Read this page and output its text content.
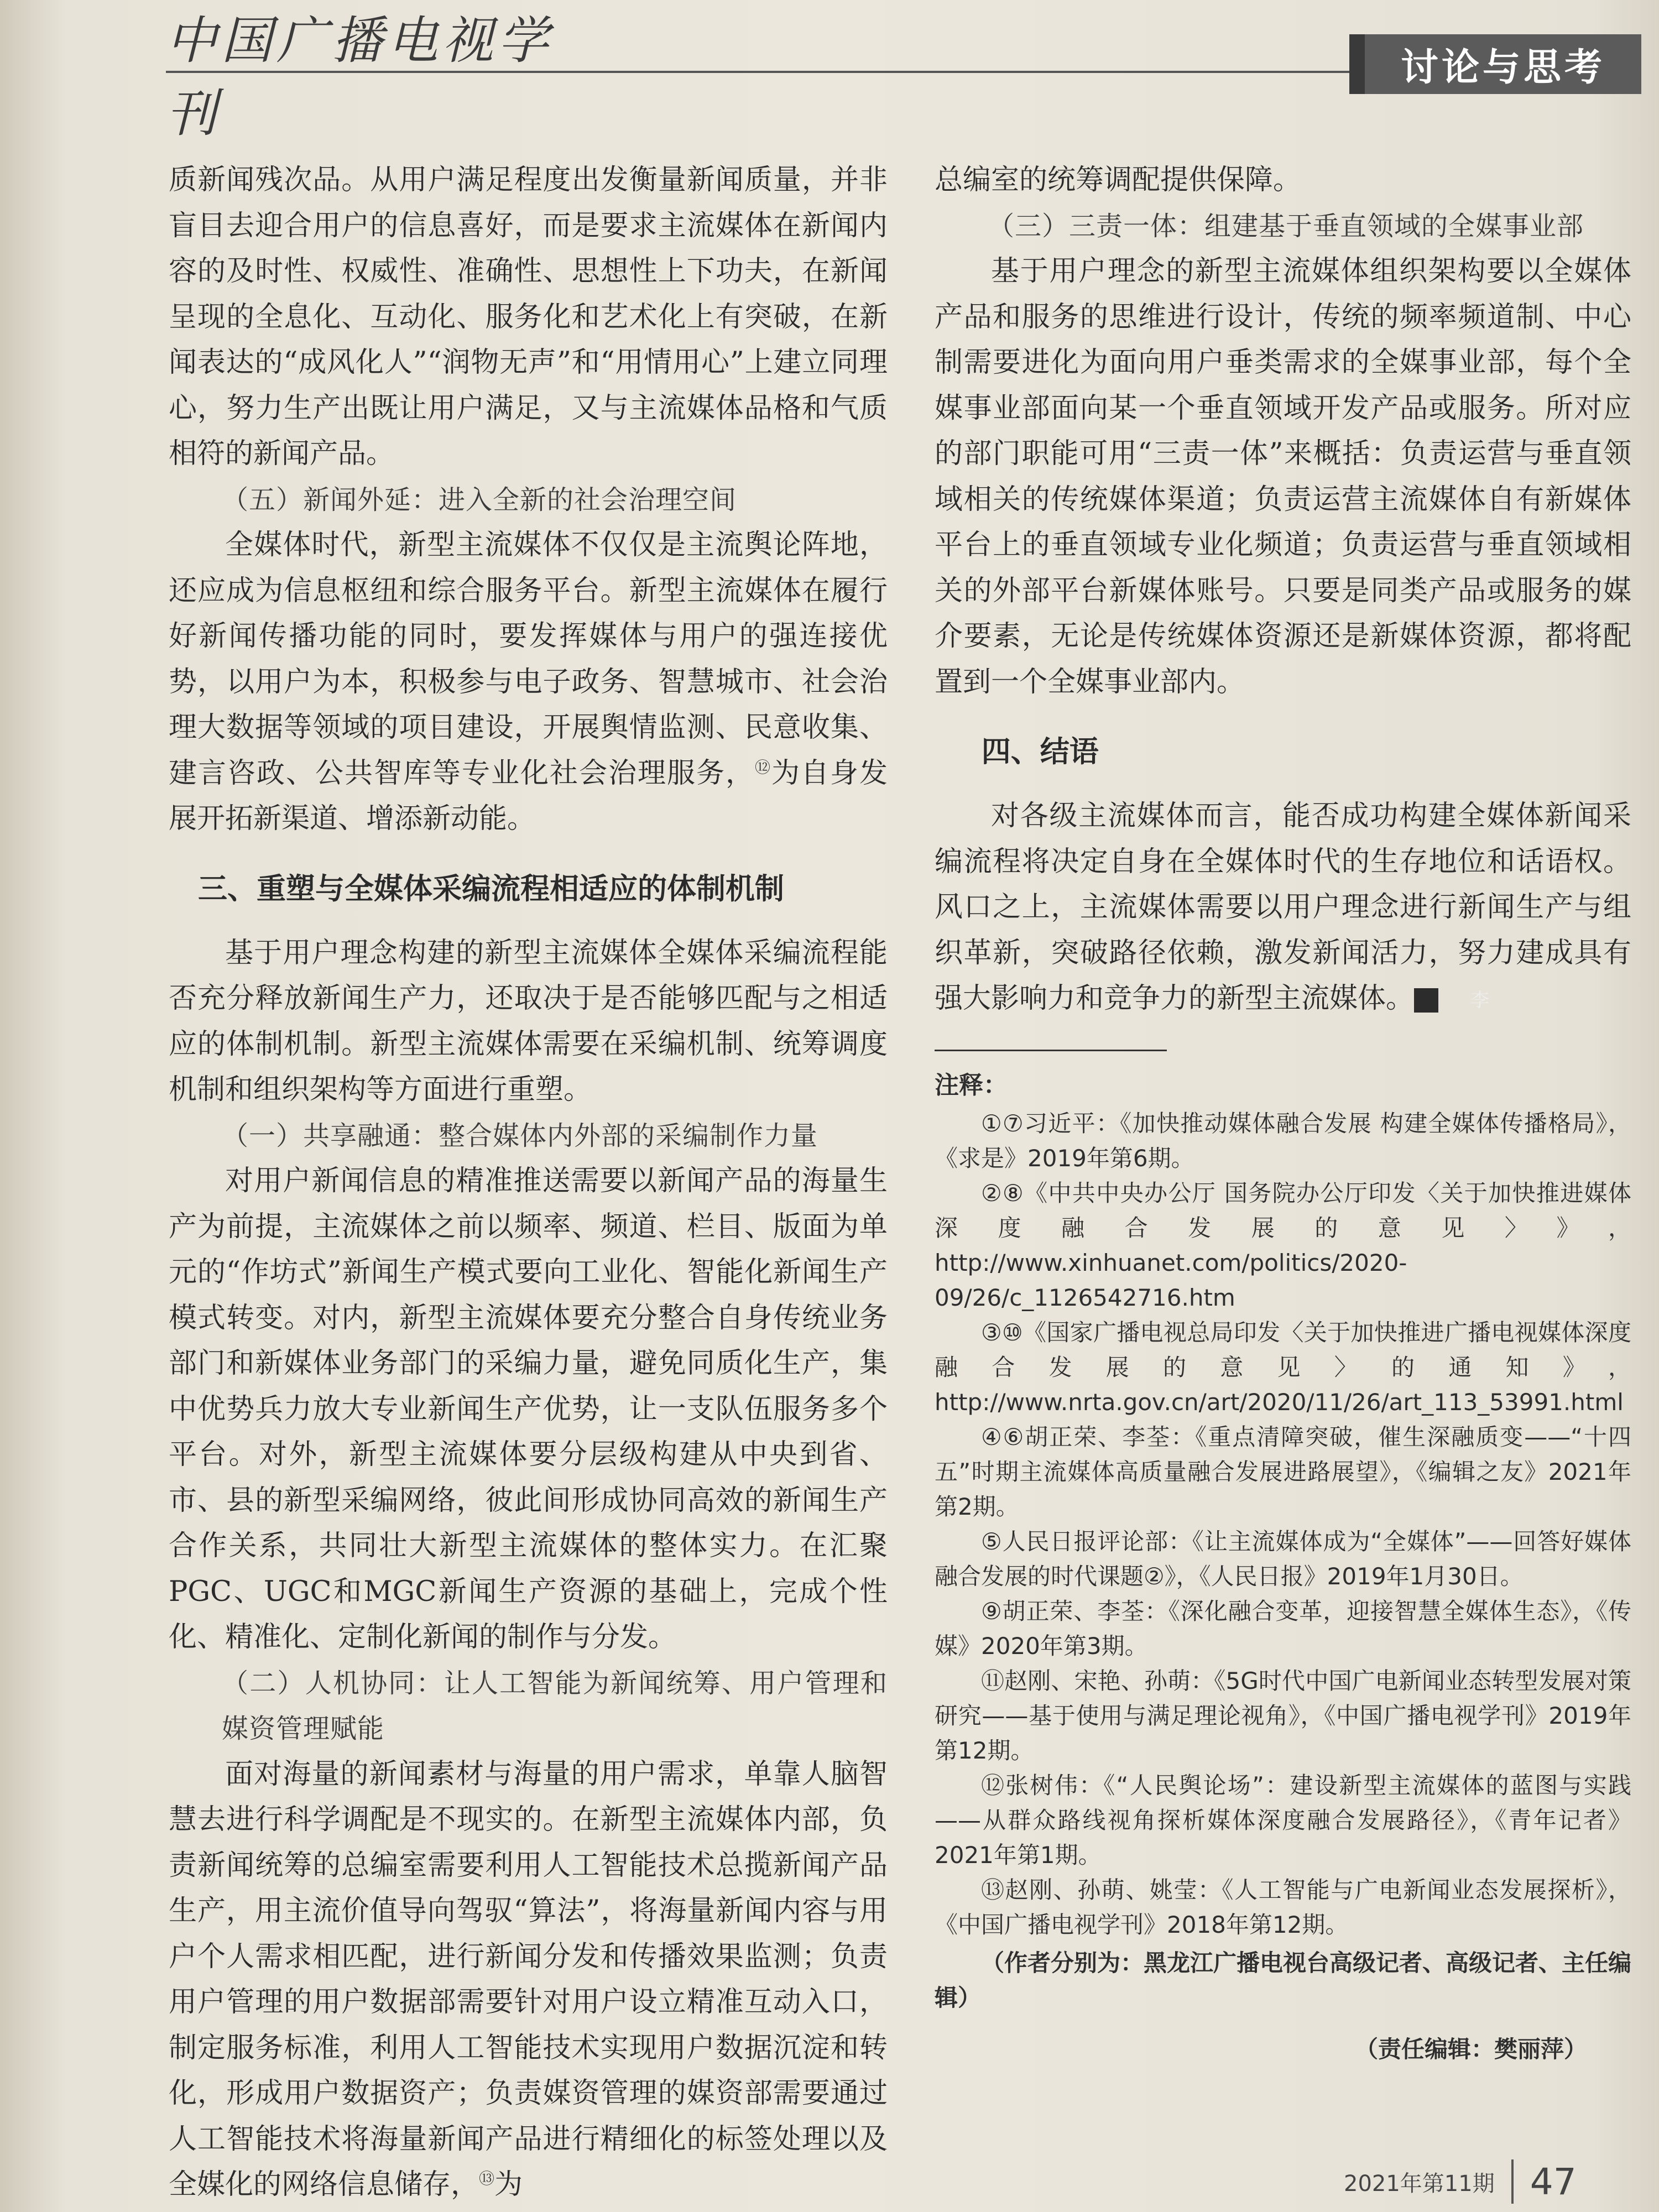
中国广播电视学刊
讨论与思考

质新闻残次品。从用户满足程度出发衡量新闻质量，并非盲目去迎合用户的信息喜好，而是要求主流媒体在新闻内容的及时性、权威性、准确性、思想性上下功夫，在新闻呈现的全息化、互动化、服务化和艺术化上有突破，在新闻表达的“成风化人”“润物无声”和“用情用心”上建立同理心，努力生产出既让用户满足，又与主流媒体品格和气质相符的新闻产品。

（五）新闻外延：进入全新的社会治理空间

全媒体时代，新型主流媒体不仅仅是主流舆论阵地，还应成为信息枢纽和综合服务平台。新型主流媒体在履行好新闻传播功能的同时，要发挥媒体与用户的强连接优势，以用户为本，积极参与电子政务、智慧城市、社会治理大数据等领域的项目建设，开展舆情监测、民意收集、建言咨政、公共智库等专业化社会治理服务，⑫为自身发展开拓新渠道、增添新动能。

三、重塑与全媒体采编流程相适应的体制机制

基于用户理念构建的新型主流媒体全媒体采编流程能否充分释放新闻生产力，还取决于是否能够匹配与之相适应的体制机制。新型主流媒体需要在采编机制、统筹调度机制和组织架构等方面进行重塑。

（一）共享融通：整合媒体内外部的采编制作力量

对用户新闻信息的精准推送需要以新闻产品的海量生产为前提，主流媒体之前以频率、频道、栏目、版面为单元的“作坊式”新闻生产模式要向工业化、智能化新闻生产模式转变。对内，新型主流媒体要充分整合自身传统业务部门和新媒体业务部门的采编力量，避免同质化生产，集中优势兵力放大专业新闻生产优势，让一支队伍服务多个平台。对外，新型主流媒体要分层级构建从中央到省、市、县的新型采编网络，彼此间形成协同高效的新闻生产合作关系，共同壮大新型主流媒体的整体实力。在汇聚PGC、UGC和MGC新闻生产资源的基础上，完成个性化、精准化、定制化新闻的制作与分发。

（二）人机协同：让人工智能为新闻统筹、用户管理和媒资管理赋能

面对海量的新闻素材与海量的用户需求，单靠人脑智慧去进行科学调配是不现实的。在新型主流媒体内部，负责新闻统筹的总编室需要利用人工智能技术总揽新闻产品生产，用主流价值导向驾驭“算法”，将海量新闻内容与用户个人需求相匹配，进行新闻分发和传播效果监测；负责用户管理的用户数据部需要针对用户设立精准互动入口，制定服务标准，利用人工智能技术实现用户数据沉淀和转化，形成用户数据资产；负责媒资管理的媒资部需要通过人工智能技术将海量新闻产品进行精细化的标签处理以及全媒化的网络信息储存，⑬为

总编室的统筹调配提供保障。

（三）三责一体：组建基于垂直领域的全媒事业部

基于用户理念的新型主流媒体组织架构要以全媒体产品和服务的思维进行设计，传统的频率频道制、中心制需要进化为面向用户垂类需求的全媒事业部，每个全媒事业部面向某一个垂直领域开发产品或服务。所对应的部门职能可用“三责一体”来概括：负责运营与垂直领域相关的传统媒体渠道；负责运营主流媒体自有新媒体平台上的垂直领域专业化频道；负责运营与垂直领域相关的外部平台新媒体账号。只要是同类产品或服务的媒介要素，无论是传统媒体资源还是新媒体资源，都将配置到一个全媒事业部内。

四、结语

对各级主流媒体而言，能否成功构建全媒体新闻采编流程将决定自身在全媒体时代的生存地位和话语权。风口之上，主流媒体需要以用户理念进行新闻生产与组织革新，突破路径依赖，激发新闻活力，努力建成具有强大影响力和竞争力的新型主流媒体。	李

注释：

①⑦习近平：《加快推动媒体融合发展 构建全媒体传播格局》，《求是》2019年第6期。

②⑧《中共中央办公厅 国务院办公厅印发〈关于加快推进媒体深度融合发展的意见〉》，http://www.xinhuanet.com/politics/2020-09/26/c_1126542716.htm

③⑩《国家广播电视总局印发〈关于加快推进广播电视媒体深度融合发展的意见〉的通知》，http://www.nrta.gov.cn/art/2020/11/26/art_113_53991.html

④⑥胡正荣、李荃：《重点清障突破，催生深融质变——“十四五”时期主流媒体高质量融合发展进路展望》，《编辑之友》2021年第2期。

⑤人民日报评论部：《让主流媒体成为“全媒体”——回答好媒体融合发展的时代课题②》，《人民日报》2019年1月30日。

⑨胡正荣、李荃：《深化融合变革，迎接智慧全媒体生态》，《传媒》2020年第3期。

⑪赵刚、宋艳、孙萌：《5G时代中国广电新闻业态转型发展对策研究——基于使用与满足理论视角》，《中国广播电视学刊》2019年第12期。

⑫张树伟：《“人民舆论场”：建设新型主流媒体的蓝图与实践——从群众路线视角探析媒体深度融合发展路径》，《青年记者》2021年第1期。

⑬赵刚、孙萌、姚莹：《人工智能与广电新闻业态发展探析》，《中国广播电视学刊》2018年第12期。

（作者分别为：黑龙江广播电视台高级记者、高级记者、主任编辑）

（责任编辑：樊丽萍）
2021年第11期 47
